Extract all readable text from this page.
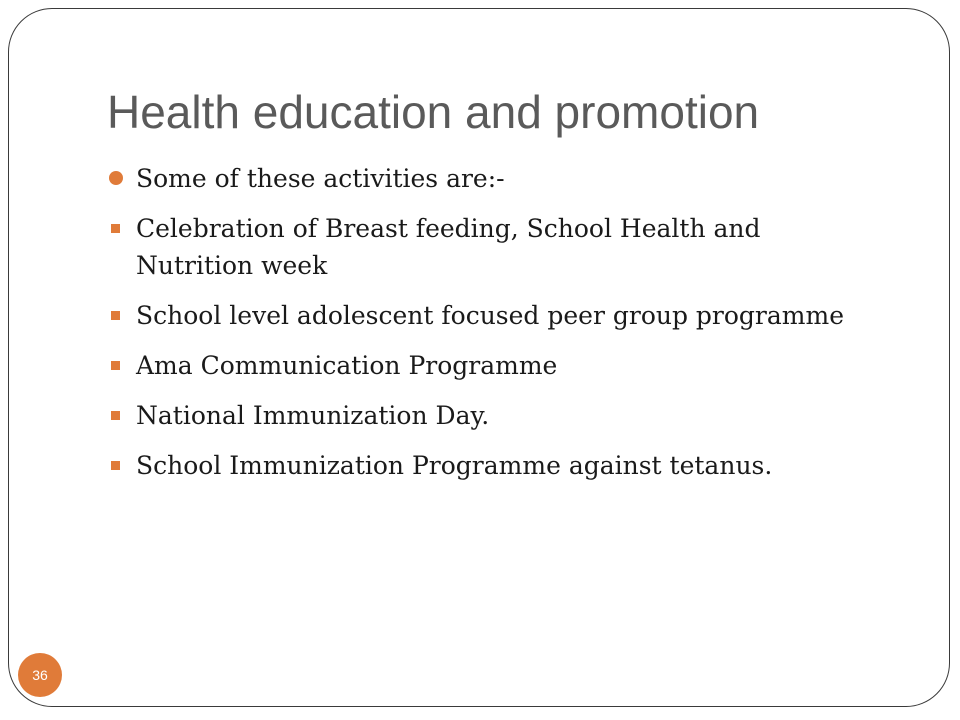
Health education and promotion
Some of these activities are:-
Celebration of Breast feeding, School Health and Nutrition week
School level adolescent focused peer group programme
Ama Communication Programme
National Immunization Day.
School Immunization Programme against tetanus.
36
